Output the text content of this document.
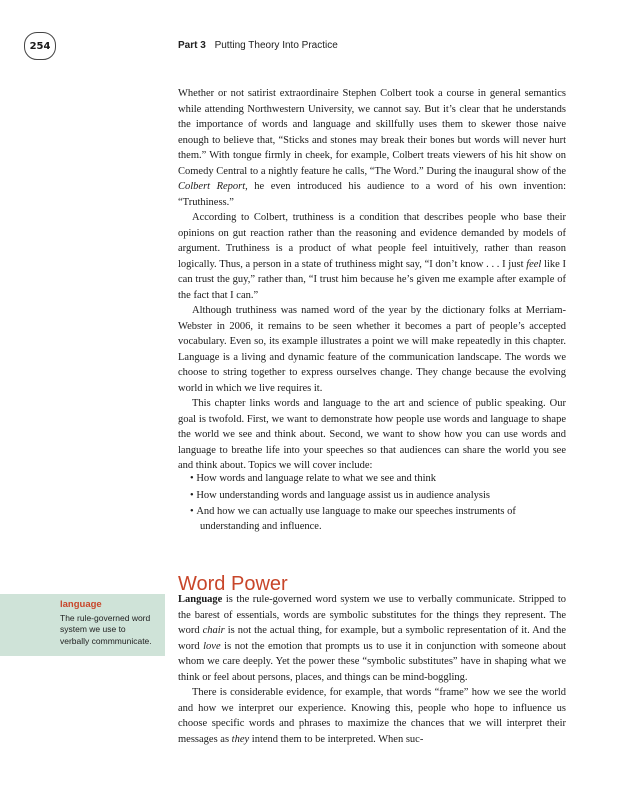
254	Part 3 Putting Theory Into Practice

Whether or not satirist extraordinaire Stephen Colbert took a course in general semantics while attending Northwestern University, we cannot say. But it’s clear that he understands the importance of words and language and skillfully uses them to skewer those naive enough to believe that, “Sticks and stones may break their bones but words will never hurt them.” With tongue firmly in cheek, for example, Colbert treats viewers of his hit show on Comedy Central to a nightly feature he calls, “The Word.” During the inaugural show of the Colbert Report, he even introduced his audience to a word of his own invention: “Truthiness.”

According to Colbert, truthiness is a condition that describes people who base their opinions on gut reaction rather than the reasoning and evidence demanded by models of argument. Truthiness is a product of what people feel intuitively, rather than reason logically. Thus, a person in a state of truthiness might say, “I don’t know . . . I just feel like I can trust the guy,” rather than, “I trust him because he’s given me example after example of the fact that I can.”

Although truthiness was named word of the year by the dictionary folks at Merriam-Webster in 2006, it remains to be seen whether it becomes a part of people’s accepted vocabulary. Even so, its example illustrates a point we will make repeatedly in this chapter. Language is a living and dynamic feature of the communication landscape. The words we choose to string together to express ourselves change. They change because the evolving world in which we live requires it.

This chapter links words and language to the art and science of public speaking. Our goal is twofold. First, we want to demonstrate how people use words and language to shape the world we see and think about. Second, we want to show how you can use words and language to breathe life into your speeches so that audiences can share the world you see and think about. Topics we will cover include:

• How words and language relate to what we see and think
• How understanding words and language assist us in audience analysis
• And how we can actually use language to make our speeches instruments of understanding and influence.
Word Power
language
The rule-governed word system we use to verbally commmunicate.

Language is the rule-governed word system we use to verbally communicate. Stripped to the barest of essentials, words are symbolic substitutes for the things they represent. The word chair is not the actual thing, for example, but a symbolic representation of it. And the word love is not the emotion that prompts us to use it in conjunction with someone about whom we care deeply. Yet the power these “symbolic substitutes” have in shaping what we think or feel about persons, places, and things can be mind-boggling.

There is considerable evidence, for example, that words “frame” how we see the world and how we interpret our experience. Knowing this, people who hope to influence us choose specific words and phrases to maximize the chances that we will interpret their messages as they intend them to be interpreted. When suc-
